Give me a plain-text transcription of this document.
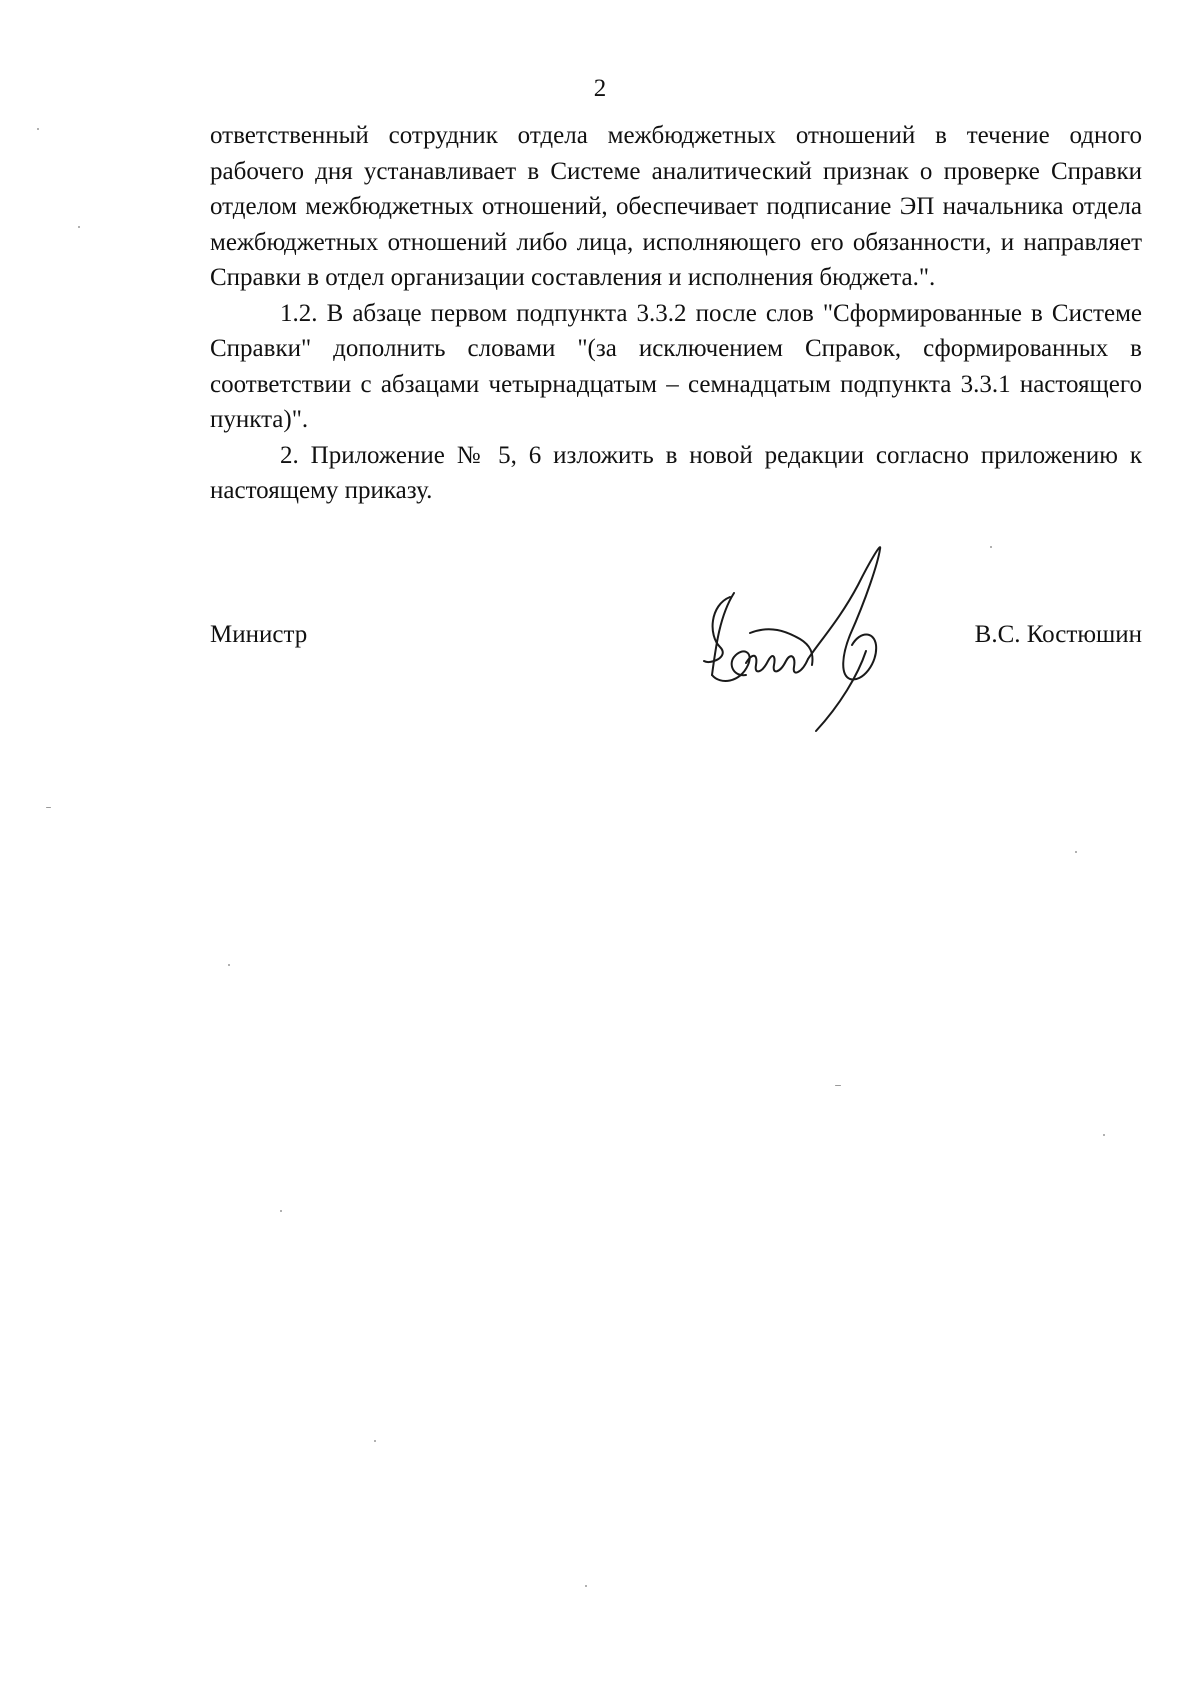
2

ответственный сотрудник отдела межбюджетных отношений в течение одного рабочего дня устанавливает в Системе аналитический признак о проверке Справки отделом межбюджетных отношений, обеспечивает подписание ЭП начальника отдела межбюджетных отношений либо лица, исполняющего его обязанности, и направляет Справки в отдел организации составления и исполнения бюджета.".

1.2. В абзаце первом подпункта 3.3.2 после слов "Сформированные в Системе Справки" дополнить словами "(за исключением Справок, сформированных в соответствии с абзацами четырнадцатым – семнадцатым подпункта 3.3.1 настоящего пункта)".

2. Приложение № 5, 6 изложить в новой редакции согласно приложению к настоящему приказу.

Министр	В.С. Костюшин
